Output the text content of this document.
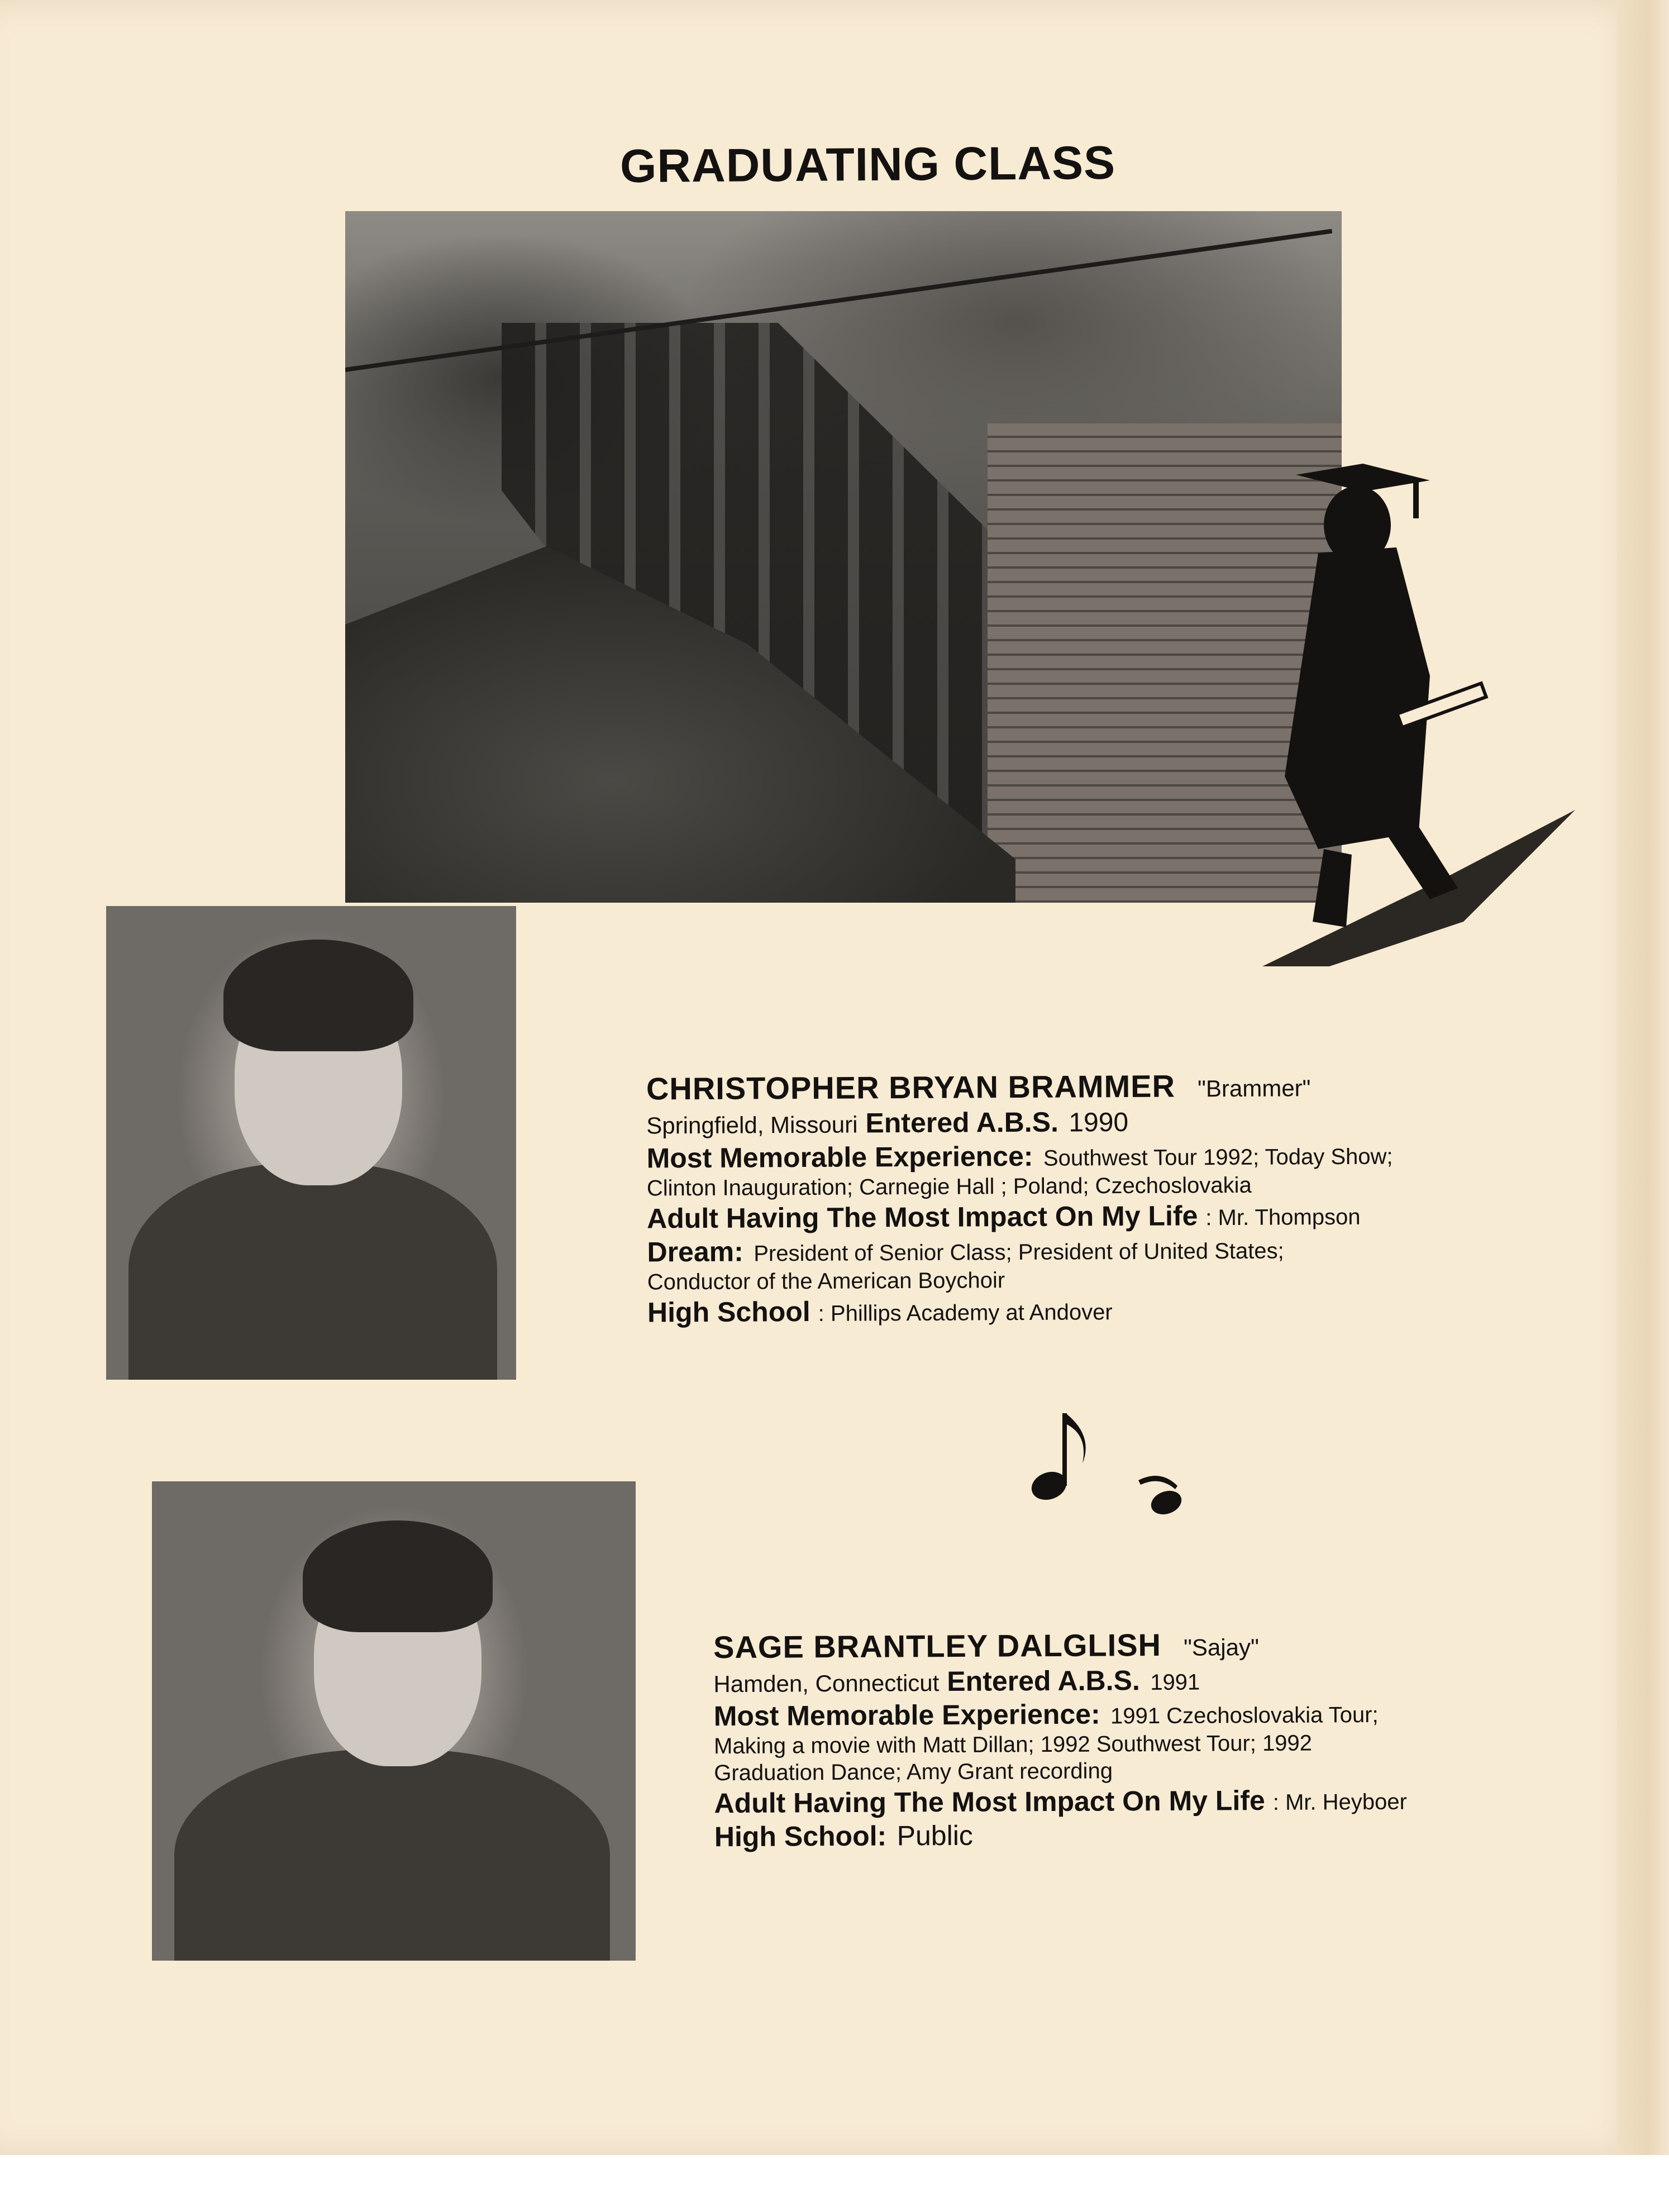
GRADUATING CLASS
CHRISTOPHER BRYAN BRAMMER "Brammer"
Springfield, Missouri Entered A.B.S. 1990
Most Memorable Experience: Southwest Tour 1992; Today Show;
Clinton Inauguration; Carnegie Hall ; Poland; Czechoslovakia
Adult Having The Most Impact On My Life : Mr. Thompson
Dream: President of Senior Class; President of United States;
Conductor of the American Boychoir
High School : Phillips Academy at Andover
SAGE BRANTLEY DALGLISH "Sajay"
Hamden, Connecticut Entered A.B.S. 1991
Most Memorable Experience: 1991 Czechoslovakia Tour;
Making a movie with Matt Dillan; 1992 Southwest Tour; 1992
Graduation Dance; Amy Grant recording
Adult Having The Most Impact On My Life : Mr. Heyboer
High School: Public
